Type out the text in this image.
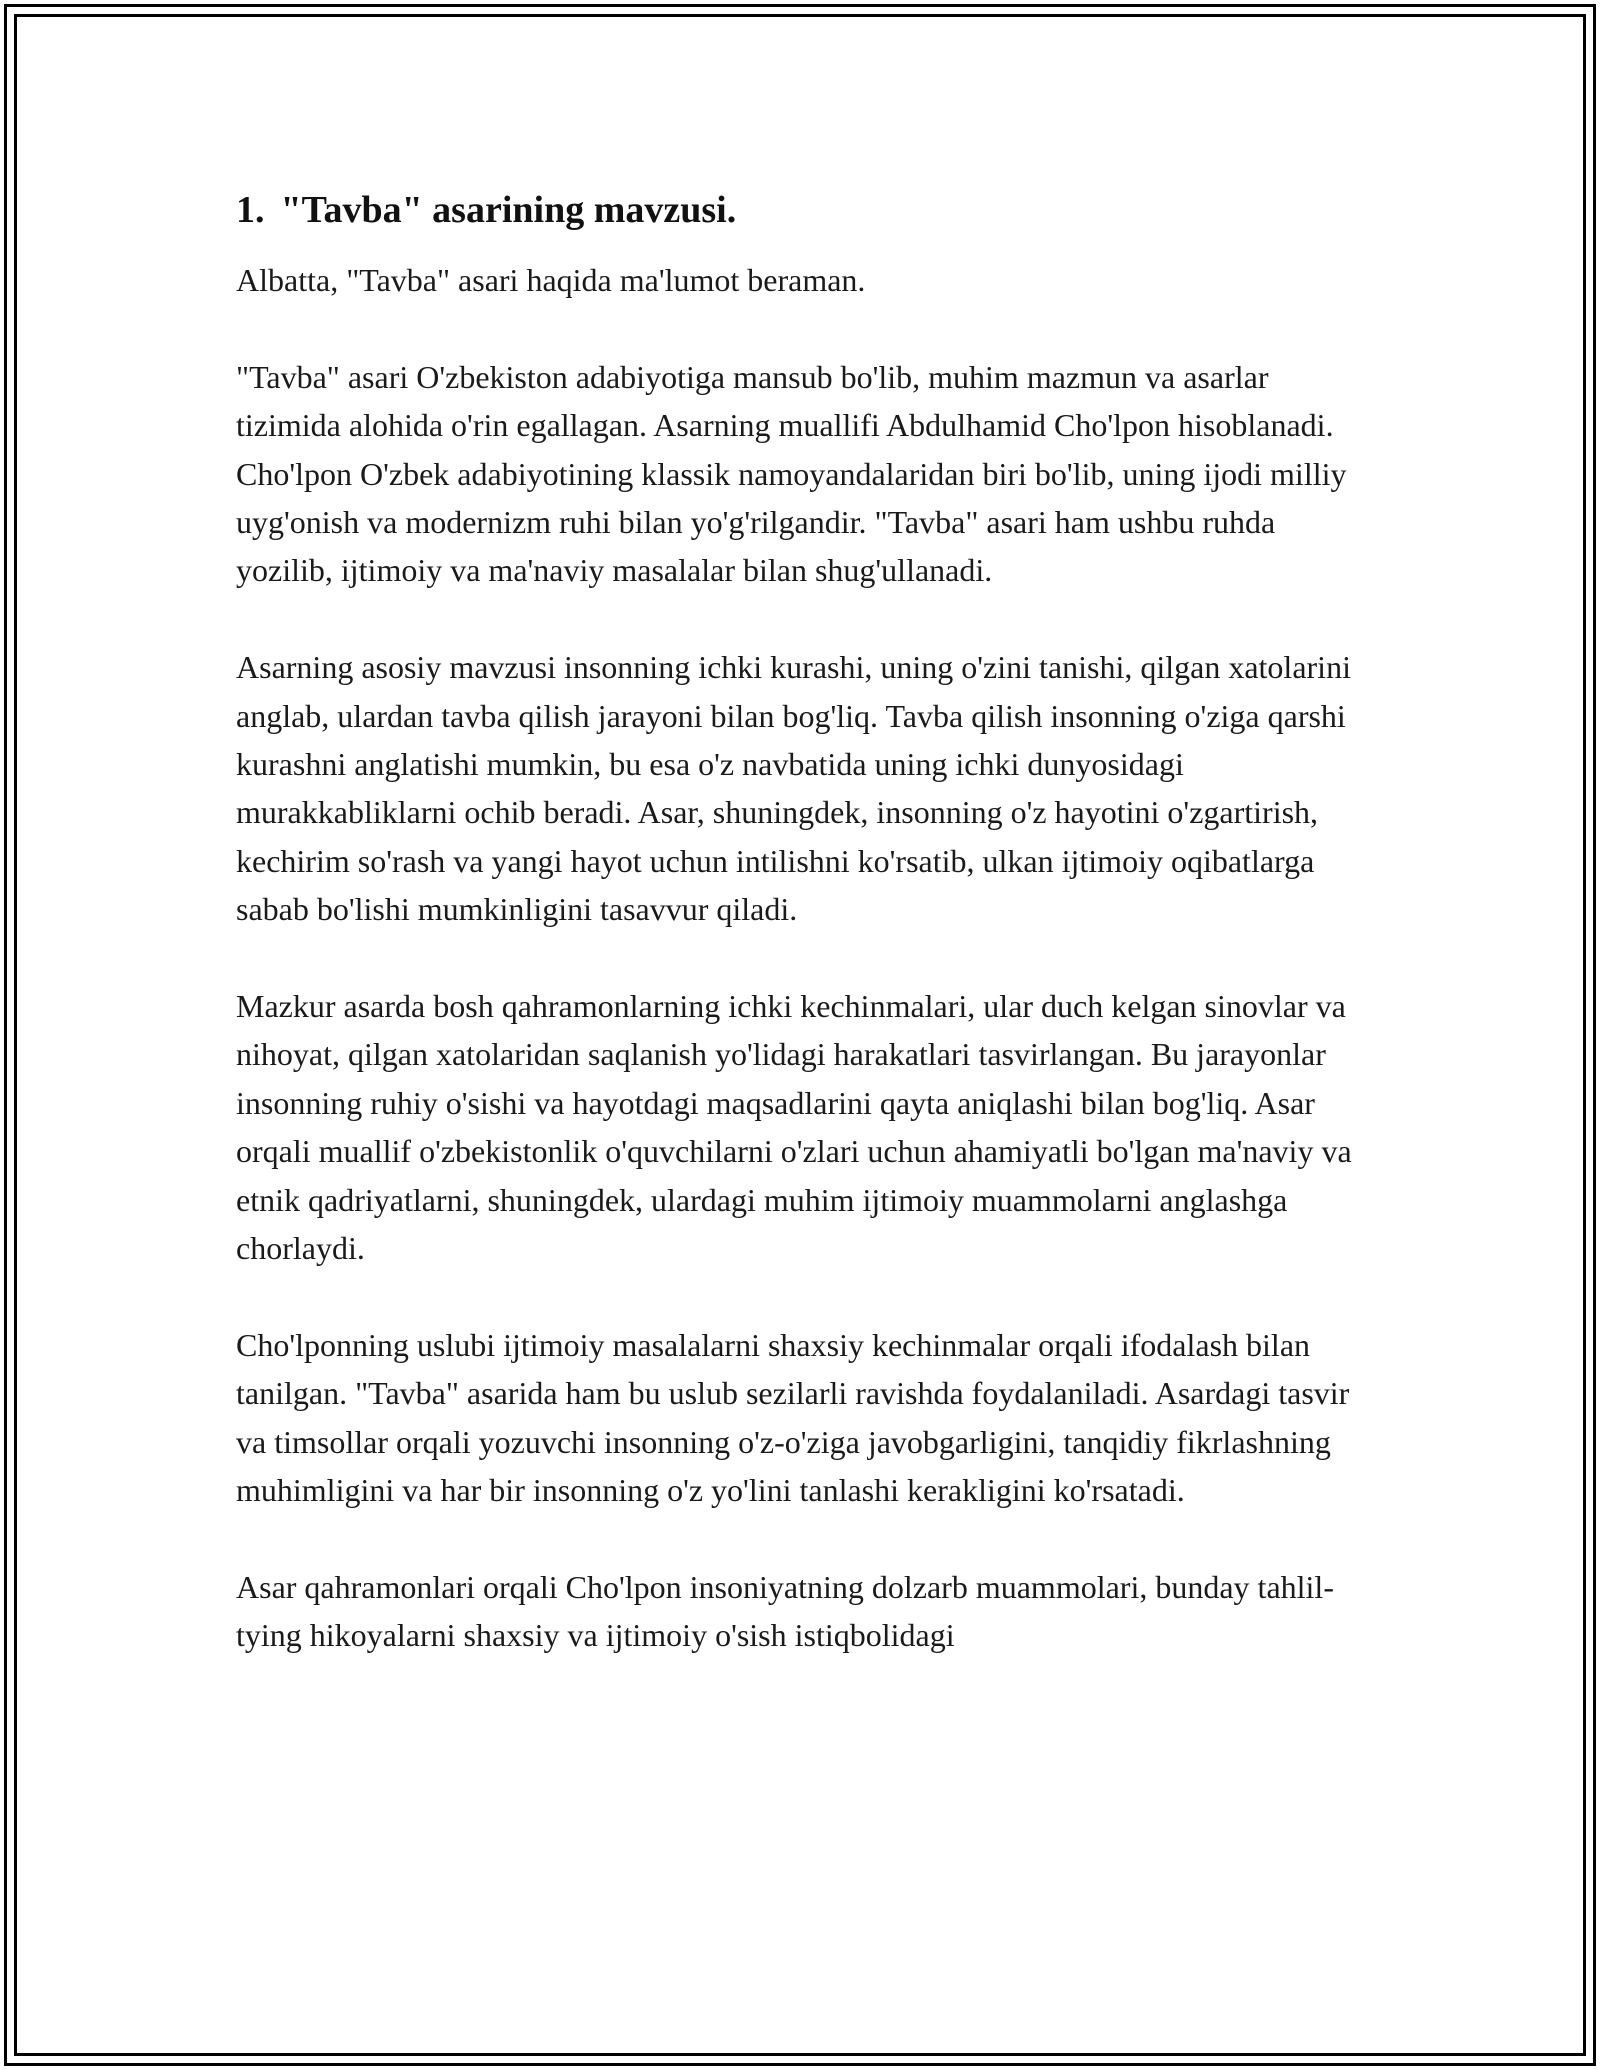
1. "Tavba" asarining mavzusi.

Albatta, "Tavba" asari haqida ma'lumot beraman.

"Tavba" asari O'zbekiston adabiyotiga mansub bo'lib, muhim mazmun va asarlar tizimida alohida o'rin egallagan. Asarning muallifi Abdulhamid Cho'lpon hisoblanadi. Cho'lpon O'zbek adabiyotining klassik namoyandalaridan biri bo'lib, uning ijodi milliy uyg'onish va modernizm ruhi bilan yo'g'rilgandir. "Tavba" asari ham ushbu ruhda yozilib, ijtimoiy va ma'naviy masalalar bilan shug'ullanadi.

Asarning asosiy mavzusi insonning ichki kurashi, uning o'zini tanishi, qilgan xatolarini anglab, ulardan tavba qilish jarayoni bilan bog'liq. Tavba qilish insonning o'ziga qarshi kurashni anglatishi mumkin, bu esa o'z navbatida uning ichki dunyosidagi murakkabliklarni ochib beradi. Asar, shuningdek, insonning o'z hayotini o'zgartirish, kechirim so'rash va yangi hayot uchun intilishni ko'rsatib, ulkan ijtimoiy oqibatlarga sabab bo'lishi mumkinligini tasavvur qiladi.

Mazkur asarda bosh qahramonlarning ichki kechinmalari, ular duch kelgan sinovlar va nihoyat, qilgan xatolaridan saqlanish yo'lidagi harakatlari tasvirlangan. Bu jarayonlar insonning ruhiy o'sishi va hayotdagi maqsadlarini qayta aniqlashi bilan bog'liq. Asar orqali muallif o'zbekistonlik o'quvchilarni o'zlari uchun ahamiyatli bo'lgan ma'naviy va etnik qadriyatlarni, shuningdek, ulardagi muhim ijtimoiy muammolarni anglashga chorlaydi.

Cho'lponning uslubi ijtimoiy masalalarni shaxsiy kechinmalar orqali ifodalash bilan tanilgan. "Tavba" asarida ham bu uslub sezilarli ravishda foydalaniladi. Asardagi tasvir va timsollar orqali yozuvchi insonning o'z-o'ziga javobgarligini, tanqidiy fikrlashning muhimligini va har bir insonning o'z yo'lini tanlashi kerakligini ko'rsatadi.

Asar qahramonlari orqali Cho'lpon insoniyatning dolzarb muammolari, bunday tahlil-tying hikoyalarni shaxsiy va ijtimoiy o'sish istiqbolidagi
